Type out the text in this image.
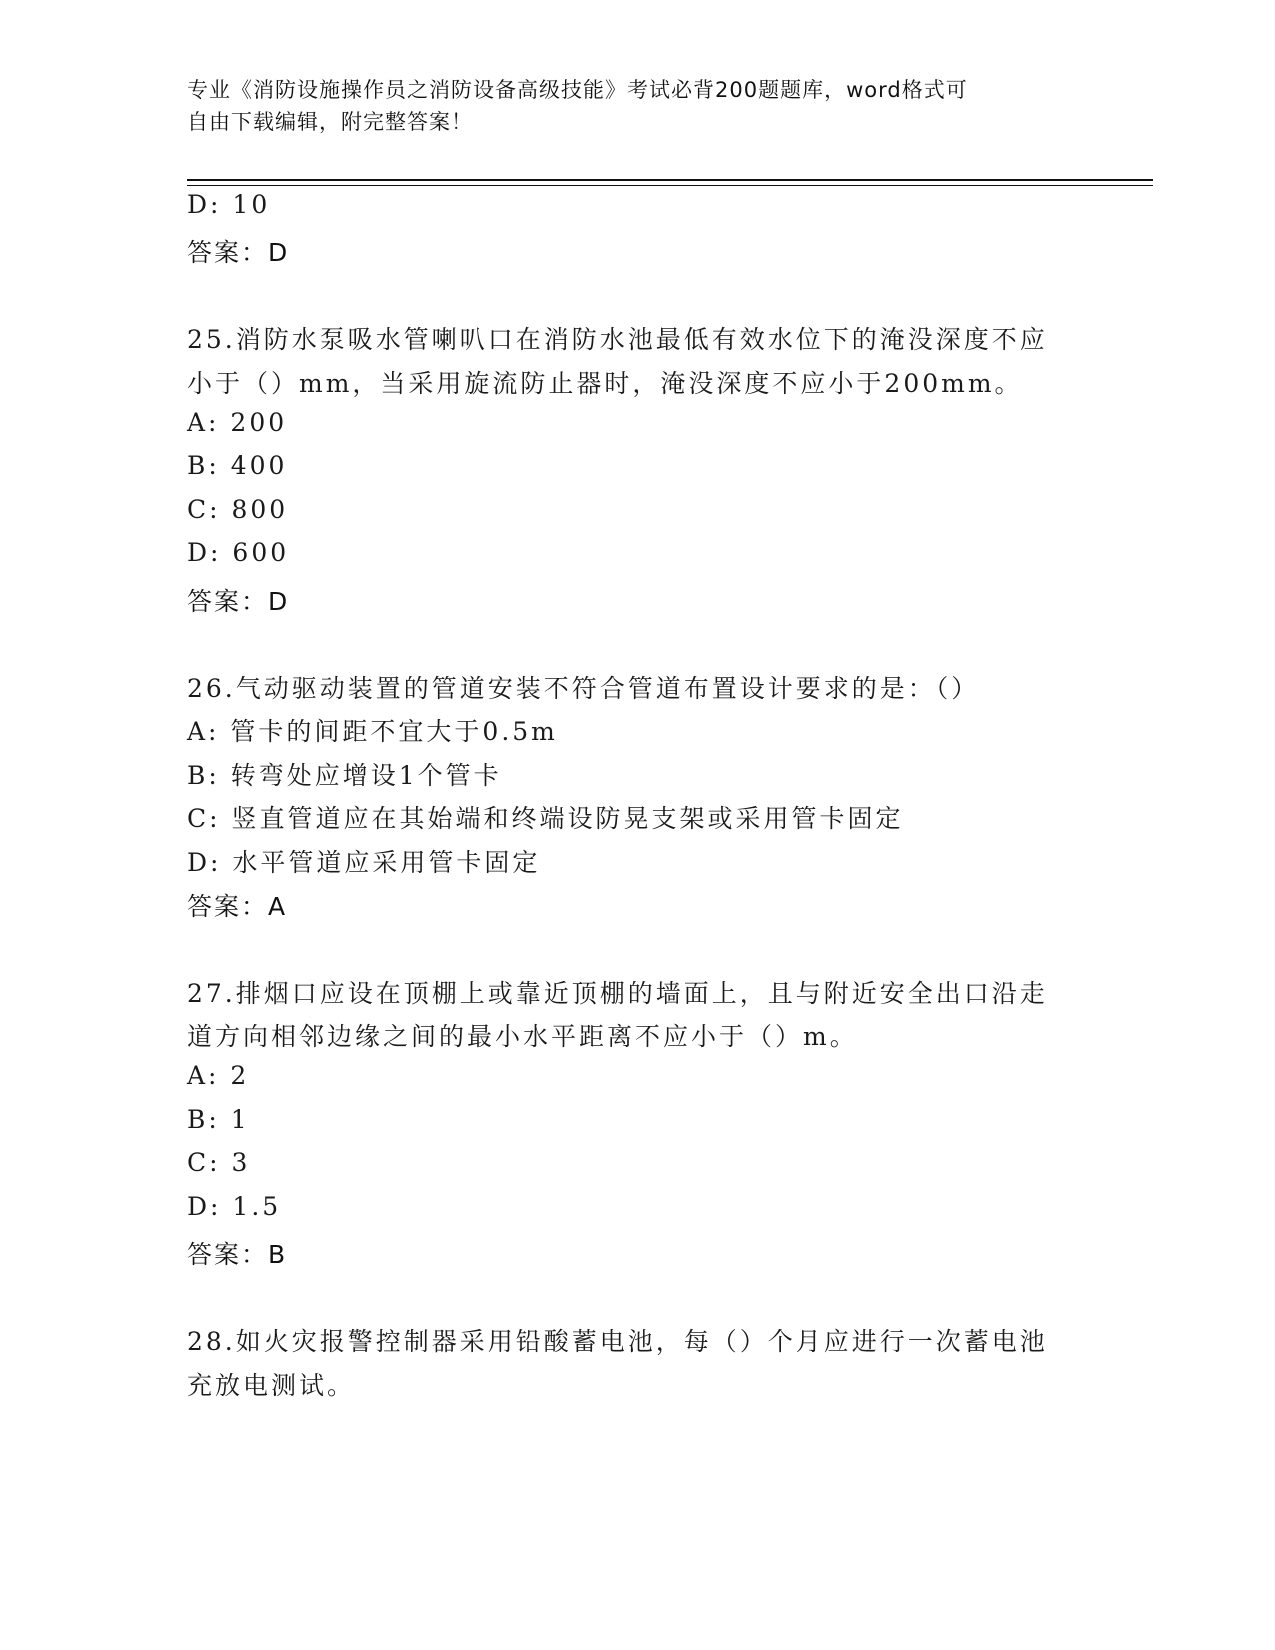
专业《消防设施操作员之消防设备高级技能》考试必背200题题库，word格式可

自由下载编辑，附完整答案！

D: 10

答案：D

25.消防水泵吸水管喇叭口在消防水池最低有效水位下的淹没深度不应

小于（）mm，当采用旋流防止器时，淹没深度不应小于200mm。

A: 200

B: 400

C: 800

D: 600

答案：D

26.气动驱动装置的管道安装不符合管道布置设计要求的是：（）

A: 管卡的间距不宜大于0.5m

B: 转弯处应增设1个管卡

C: 竖直管道应在其始端和终端设防晃支架或采用管卡固定

D: 水平管道应采用管卡固定

答案：A

27.排烟口应设在顶棚上或靠近顶棚的墙面上，且与附近安全出口沿走

道方向相邻边缘之间的最小水平距离不应小于（）m。

A: 2

B: 1

C: 3

D: 1.5

答案：B

28.如火灾报警控制器采用铅酸蓄电池，每（）个月应进行一次蓄电池

充放电测试。
